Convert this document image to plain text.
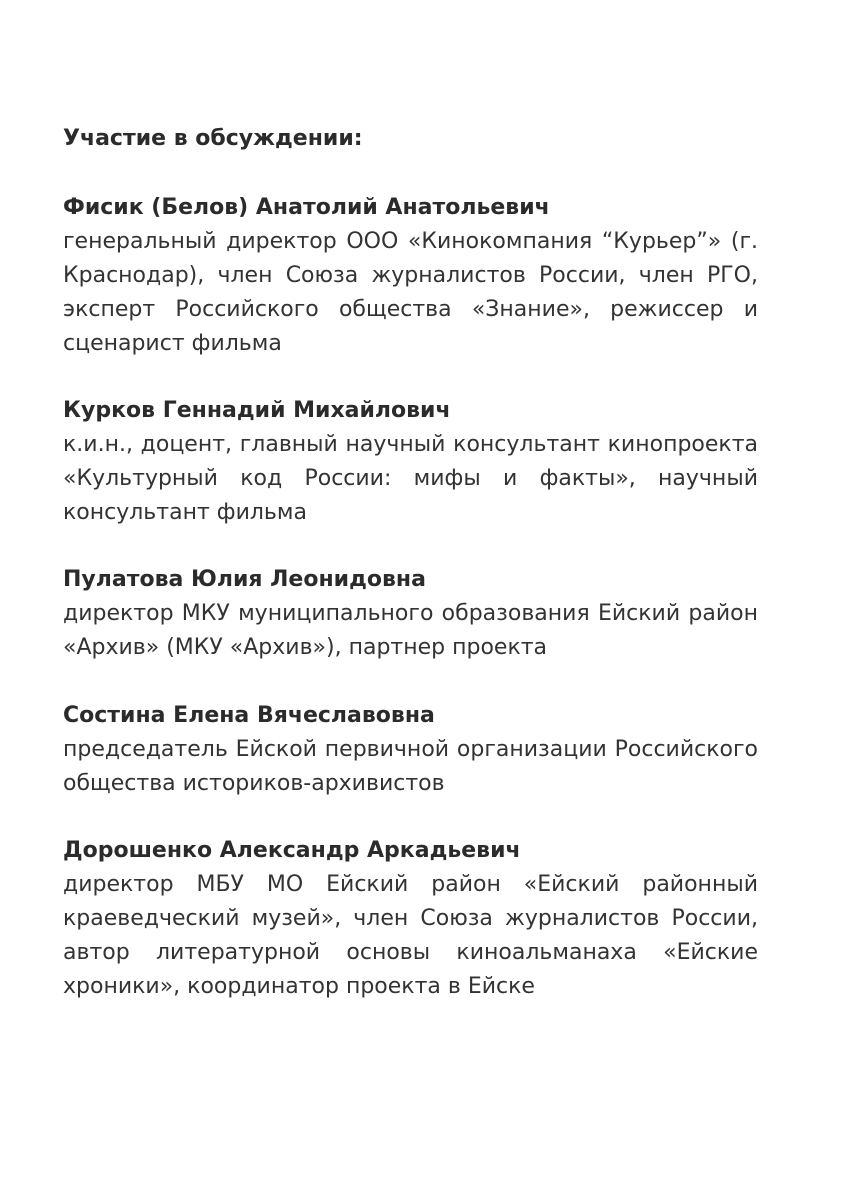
Участие в обсуждении:

Фисик (Белов) Анатолий Анатольевич

генеральный директор ООО «Кинокомпания “Курьер”» (г. Краснодар), член Союза журналистов России, член РГО, эксперт Российского общества «Знание», режиссер и сценарист фильма

Курков Геннадий Михайлович

к.и.н., доцент, главный научный консультант кинопроекта «Культурный код России: мифы и факты», научный консультант фильма

Пулатова Юлия Леонидовна

директор МКУ муниципального образования Ейский район «Архив» (МКУ «Архив»), партнер проекта

Состина Елена Вячеславовна

председатель Ейской первичной организации Российского общества историков-архивистов

Дорошенко Александр Аркадьевич

директор МБУ МО Ейский район «Ейский районный краеведческий музей», член Союза журналистов России, автор литературной основы киноальманаха «Ейские хроники», координатор проекта в Ейске
